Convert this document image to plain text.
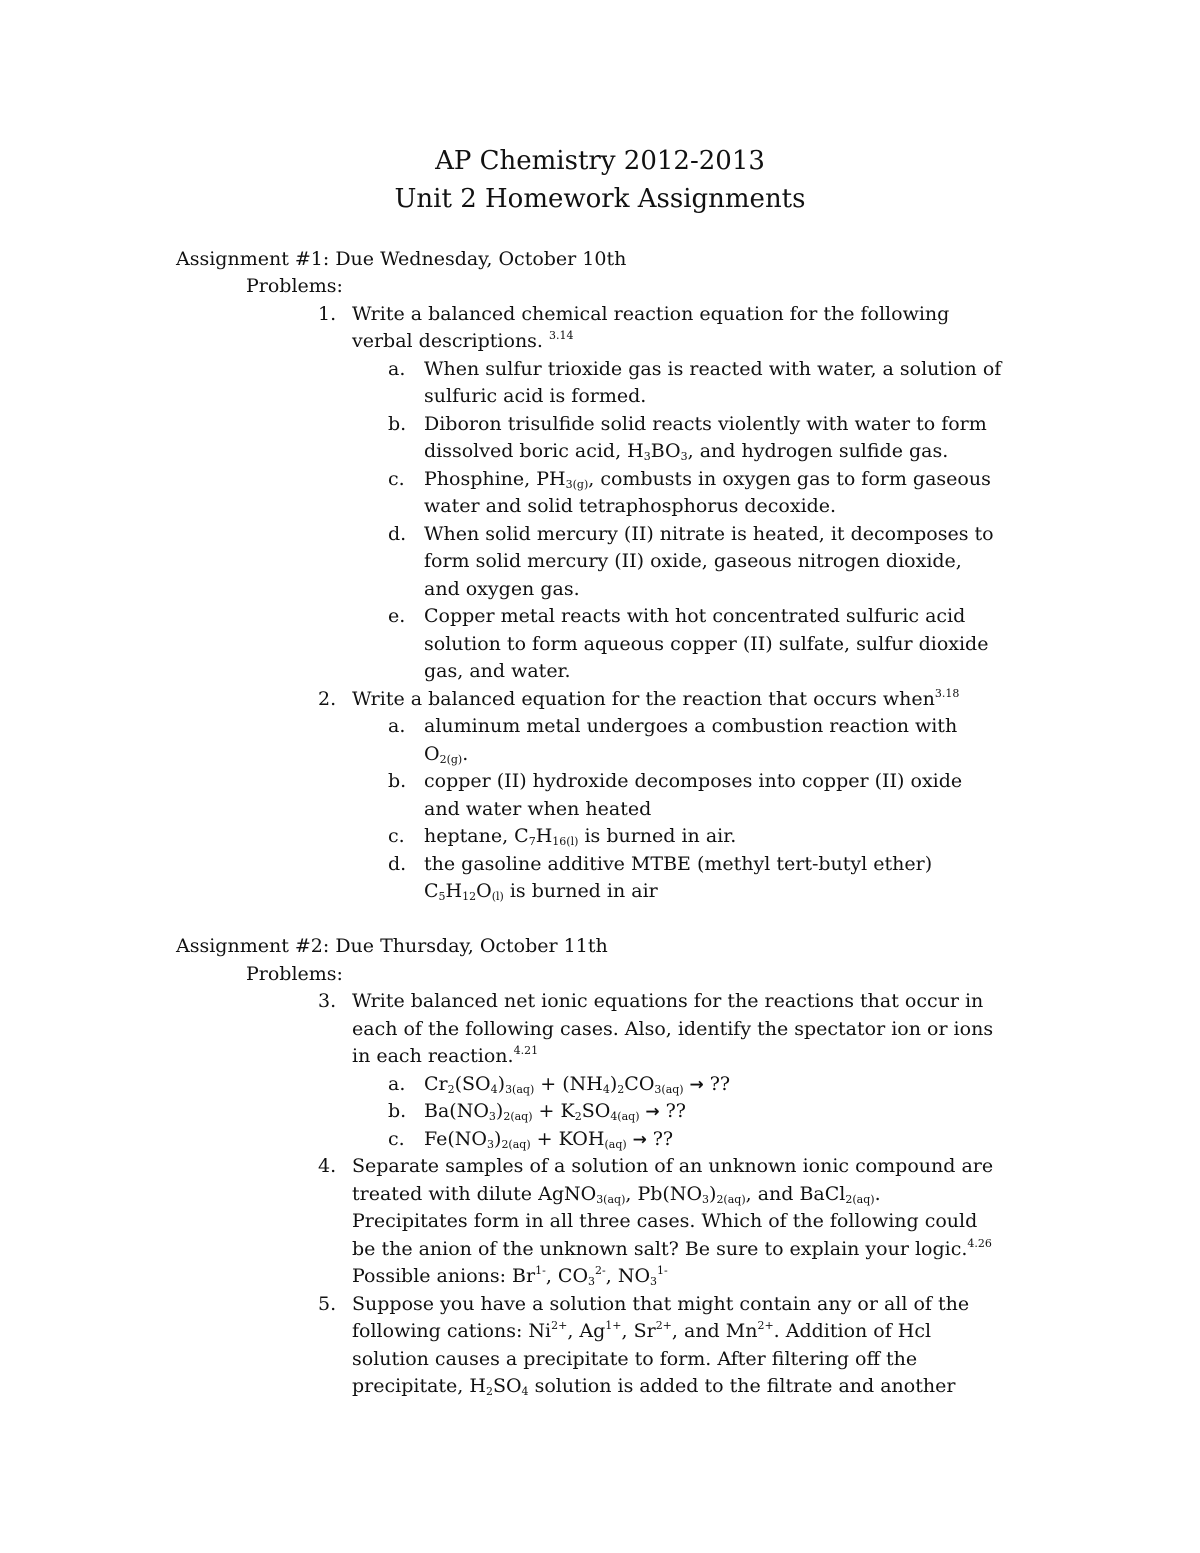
AP Chemistry 2012-2013
Unit 2 Homework Assignments
Assignment #1: Due Wednesday, October 10th
Problems:
1. Write a balanced chemical reaction equation for the following
verbal descriptions. $^{3.14}$
a. When sulfur trioxide gas is reacted with water, a solution of
sulfuric acid is formed.
b. Diboron trisulfide solid reacts violently with water to form
dissolved boric acid, $H_3BO_3$, and hydrogen sulfide gas.
c. Phosphine, $PH_{3(g)}$, combusts in oxygen gas to form gaseous
water and solid tetraphosphorus decoxide.
d. When solid mercury (II) nitrate is heated, it decomposes to
form solid mercury (II) oxide, gaseous nitrogen dioxide,
and oxygen gas.
e. Copper metal reacts with hot concentrated sulfuric acid
solution to form aqueous copper (II) sulfate, sulfur dioxide
gas, and water.
2. Write a balanced equation for the reaction that occurs when$^{3.18}$
a. aluminum metal undergoes a combustion reaction with
$O_{2(g)}$.
b. copper (II) hydroxide decomposes into copper (II) oxide
and water when heated
c. heptane, $C_7H_{16(l)}$ is burned in air.
d. the gasoline additive MTBE (methyl tert-butyl ether)
$C_5H_{12}O_{(l)}$ is burned in air
Assignment #2: Due Thursday, October 11th
Problems:
3. Write balanced net ionic equations for the reactions that occur in
each of the following cases. Also, identify the spectator ion or ions
in each reaction.$^{4.21}$
a. $Cr_2(SO_4)_{3(aq)} + (NH_4)_2CO_{3(aq)}$ → ??
b. $Ba(NO_3)_{2(aq)} + K_2SO_{4(aq)}$ → ??
c. $Fe(NO_3)_{2(aq)} + KOH_{(aq)}$ → ??
4. Separate samples of a solution of an unknown ionic compound are
treated with dilute AgNO$_{3(aq)}$, $Pb(NO_3)_{2(aq)}$, and BaCl$_{2(aq)}$.
Precipitates form in all three cases. Which of the following could
be the anion of the unknown salt? Be sure to explain your logic.$^{4.26}$
Possible anions: $Br^{1-}$, $CO_3^{2-}$, $NO_3^{1-}$
5. Suppose you have a solution that might contain any or all of the
following cations: $Ni^{2+}$, $Ag^{1+}$, $Sr^{2+}$, and $Mn^{2+}$. Addition of Hcl
solution causes a precipitate to form. After filtering off the
precipitate, $H_2SO_4$ solution is added to the filtrate and another
